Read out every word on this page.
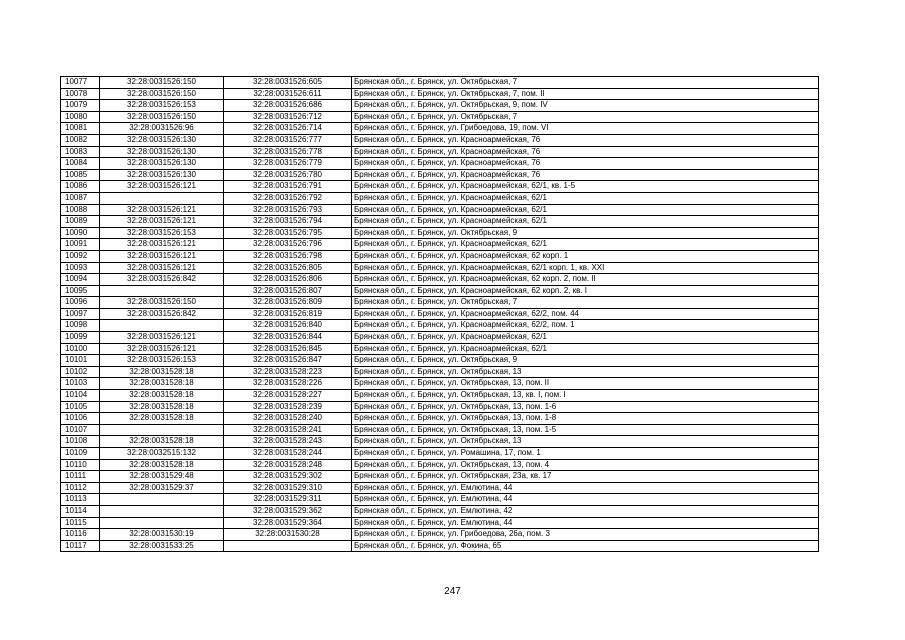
10077	32:28:0031526:150	32:28:0031526:605	Брянская обл., г. Брянск, ул. Октябрьская, 7
10078	32:28:0031526:150	32:28:0031526:611	Брянская обл., г. Брянск, ул. Октябрьская, 7, пом. II
10079	32:28:0031526:153	32:28:0031526:686	Брянская обл., г. Брянск, ул. Октябрьская, 9, пом. IV
10080	32:28:0031526:150	32:28:0031526:712	Брянская обл., г. Брянск, ул. Октябрьская, 7
10081	32:28:0031526:96	32:28:0031526:714	Брянская обл., г. Брянск, ул. Грибоедова, 19, пом. VI
10082	32:28:0031526:130	32:28:0031526:777	Брянская обл., г. Брянск, ул. Красноармейская, 76
10083	32:28:0031526:130	32:28:0031526:778	Брянская обл., г. Брянск, ул. Красноармейская, 76
10084	32:28:0031526:130	32:28:0031526:779	Брянская обл., г. Брянск, ул. Красноармейская, 76
10085	32:28:0031526:130	32:28:0031526:780	Брянская обл., г. Брянск, ул. Красноармейская, 76
10086	32:28:0031526:121	32:28:0031526:791	Брянская обл., г. Брянск, ул. Красноармейская, 62/1, кв. 1-5
10087		32:28:0031526:792	Брянская обл., г. Брянск, ул. Красноармейская, 62/1
10088	32:28:0031526:121	32:28:0031526:793	Брянская обл., г. Брянск, ул. Красноармейская, 62/1
10089	32:28:0031526:121	32:28:0031526:794	Брянская обл., г. Брянск, ул. Красноармейская, 62/1
10090	32:28:0031526:153	32:28:0031526:795	Брянская обл., г. Брянск, ул. Октябрьская, 9
10091	32:28:0031526:121	32:28:0031526:796	Брянская обл., г. Брянск, ул. Красноармейская, 62/1
10092	32:28:0031526:121	32:28:0031526:798	Брянская обл., г. Брянск, ул. Красноармейская, 62 корп. 1
10093	32:28:0031526:121	32:28:0031526:805	Брянская обл., г. Брянск, ул. Красноармейская, 62/1 корп. 1, кв. XXI
10094	32:28:0031526:842	32:28:0031526:806	Брянская обл., г. Брянск, ул. Красноармейская, 62 корп. 2, пом. II
10095		32:28:0031526:807	Брянская обл., г. Брянск, ул. Красноармейская, 62 корп. 2, кв. I
10096	32:28:0031526:150	32:28:0031526:809	Брянская обл., г. Брянск, ул. Октябрьская, 7
10097	32:28:0031526:842	32:28:0031526:819	Брянская обл., г. Брянск, ул. Красноармейская, 62/2, пом. 44
10098		32:28:0031526:840	Брянская обл., г. Брянск, ул. Красноармейская, 62/2, пом. 1
10099	32:28:0031526:121	32:28:0031526:844	Брянская обл., г. Брянск, ул. Красноармейская, 62/1
10100	32:28:0031526:121	32:28:0031526:845	Брянская обл., г. Брянск, ул. Красноармейская, 62/1
10101	32:28:0031526:153	32:28:0031526:847	Брянская обл., г. Брянск, ул. Октябрьская, 9
10102	32:28:0031528:18	32:28:0031528:223	Брянская обл., г. Брянск, ул. Октябрьская, 13
10103	32:28:0031528:18	32:28:0031528:226	Брянская обл., г. Брянск, ул. Октябрьская, 13, пом. II
10104	32:28:0031528:18	32:28:0031528:227	Брянская обл., г. Брянск, ул. Октябрьская, 13, кв. I, пом. I
10105	32:28:0031528:18	32:28:0031528:239	Брянская обл., г. Брянск, ул. Октябрьская, 13, пом. 1-6
10106	32:28:0031528:18	32:28:0031528:240	Брянская обл., г. Брянск, ул. Октябрьская, 13, пом. 1-8
10107		32:28:0031528:241	Брянская обл., г. Брянск, ул. Октябрьская, 13, пом. 1-5
10108	32:28:0031528:18	32:28:0031528:243	Брянская обл., г. Брянск, ул. Октябрьская, 13
10109	32:28:0032515:132	32:28:0031528:244	Брянская обл., г. Брянск, ул. Ромашина, 17, пом. 1
10110	32:28:0031528:18	32:28:0031528:248	Брянская обл., г. Брянск, ул. Октябрьская, 13, пом. 4
10111	32:28:0031529:48	32:28:0031529:302	Брянская обл., г. Брянск, ул. Октябрьская, 23а, кв. 17
10112	32:28:0031529:37	32:28:0031529:310	Брянская обл., г. Брянск, ул. Емлютина, 44
10113		32:28:0031529:311	Брянская обл., г. Брянск, ул. Емлютина, 44
10114		32:28:0031529:362	Брянская обл., г. Брянск, ул. Емлютина, 42
10115		32:28:0031529:364	Брянская обл., г. Брянск, ул. Емлютина, 44
10116	32:28:0031530:19	32:28:0031530:28	Брянская обл., г. Брянск, ул. Грибоедова, 26а, пом. 3
10117	32:28:0031533:25		Брянская обл., г. Брянск, ул. Фокина, 65
247
